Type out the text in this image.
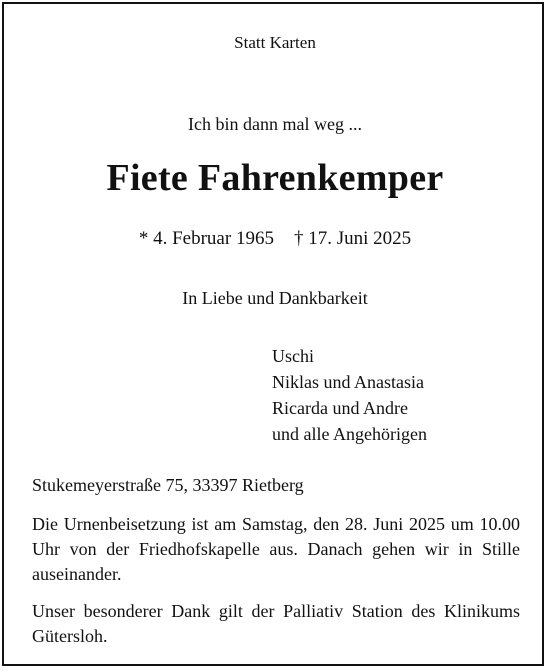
Statt Karten
Ich bin dann mal weg ...
Fiete Fahrenkemper
* 4. Februar 1965 † 17. Juni 2025
In Liebe und Dankbarkeit
Uschi
Niklas und Anastasia
Ricarda und Andre
und alle Angehörigen
Stukemeyerstraße 75, 33397 Rietberg
Die Urnenbeisetzung ist am Samstag, den 28. Juni 2025 um 10.00 Uhr von der Friedhofskapelle aus. Danach gehen wir in Stille auseinander.
Unser besonderer Dank gilt der Palliativ Station des Klinikums Gütersloh.
